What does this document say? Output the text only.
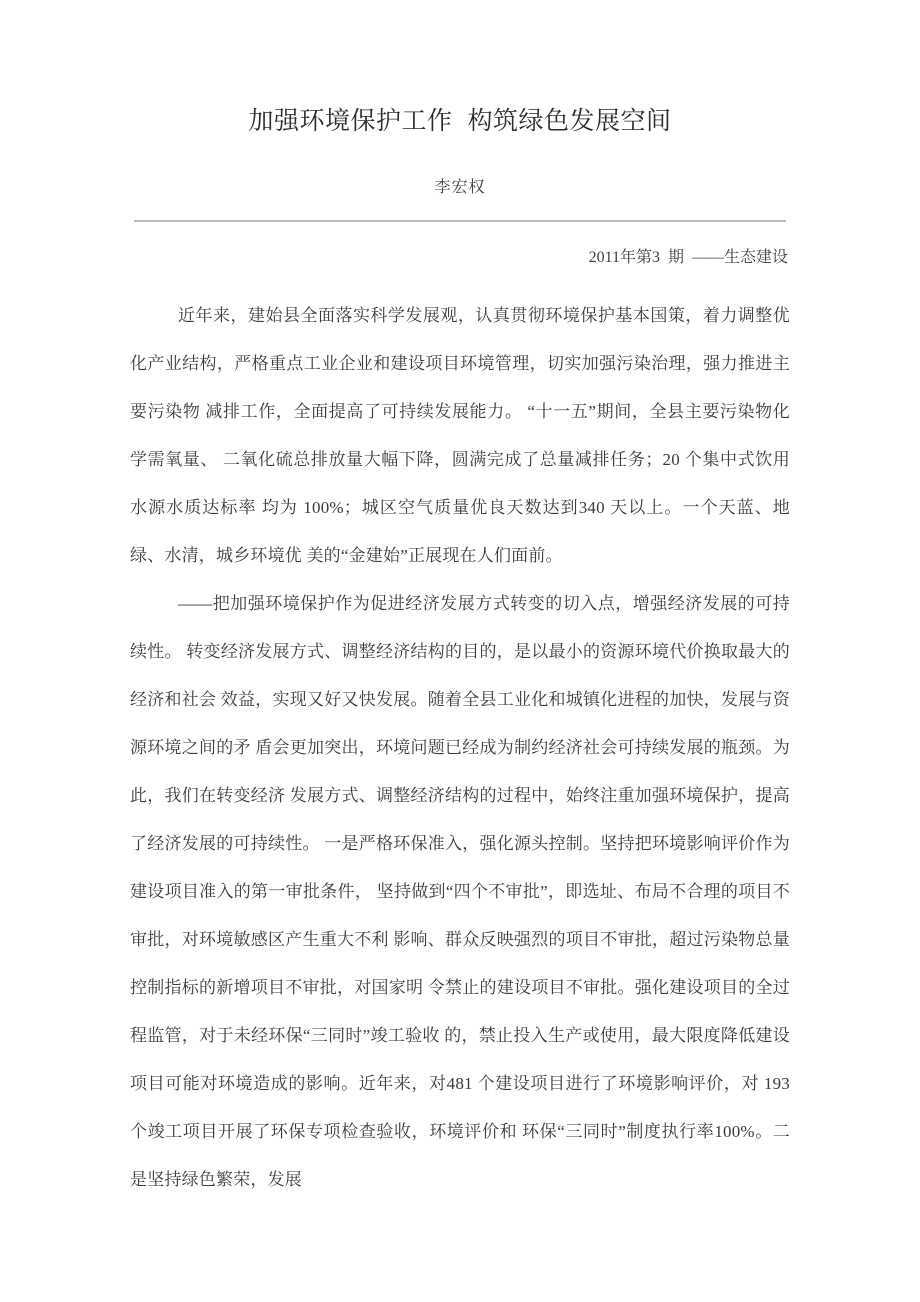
加强环境保护工作  构筑绿色发展空间
李宏权
2011年第3  期  ——生态建设

近年来，建始县全面落实科学发展观，认真贯彻环境保护基本国策，着力调整优化产业结构，严格重点工业企业和建设项目环境管理，切实加强污染治理，强力推进主要污染物 减排工作，全面提高了可持续发展能力。 “十一五”期间，全县主要污染物化学需氧量、 二氧化硫总排放量大幅下降，圆满完成了总量减排任务；20 个集中式饮用水源水质达标率 均为 100%；城区空气质量优良天数达到340 天以上。一个天蓝、地绿、水清，城乡环境优 美的“金建始”正展现在人们面前。

——把加强环境保护作为促进经济发展方式转变的切入点，增强经济发展的可持续性。 转变经济发展方式、调整经济结构的目的，是以最小的资源环境代价换取最大的经济和社会 效益，实现又好又快发展。随着全县工业化和城镇化进程的加快，发展与资源环境之间的矛 盾会更加突出，环境问题已经成为制约经济社会可持续发展的瓶颈。为此，我们在转变经济 发展方式、调整经济结构的过程中，始终注重加强环境保护，提高了经济发展的可持续性。 一是严格环保准入，强化源头控制。坚持把环境影响评价作为建设项目准入的第一审批条件， 坚持做到“四个不审批”，即选址、布局不合理的项目不审批，对环境敏感区产生重大不利 影响、群众反映强烈的项目不审批，超过污染物总量控制指标的新增项目不审批，对国家明 令禁止的建设项目不审批。强化建设项目的全过程监管，对于未经环保“三同时”竣工验收 的，禁止投入生产或使用，最大限度降低建设项目可能对环境造成的影响。近年来，对481 个建设项目进行了环境影响评价，对 193个竣工项目开展了环保专项检查验收，环境评价和 环保“三同时”制度执行率100%。二是坚持绿色繁荣，发展
